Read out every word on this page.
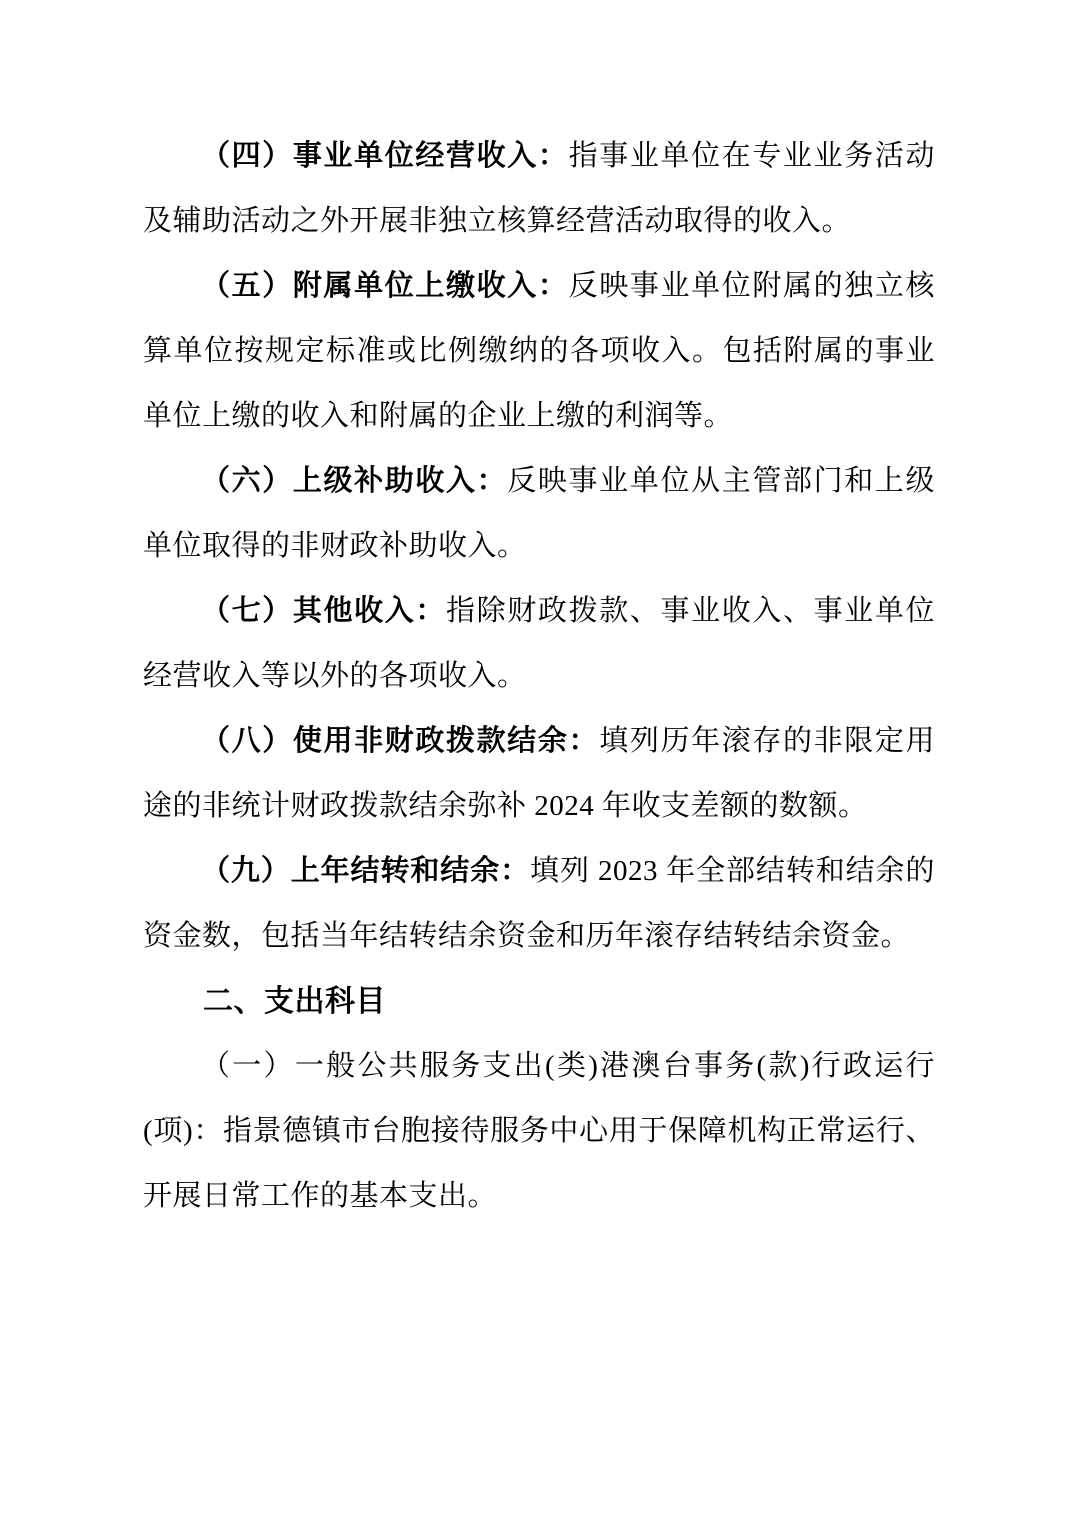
（四）事业单位经营收入：指事业单位在专业业务活动及辅助活动之外开展非独立核算经营活动取得的收入。

（五）附属单位上缴收入：反映事业单位附属的独立核算单位按规定标准或比例缴纳的各项收入。包括附属的事业单位上缴的收入和附属的企业上缴的利润等。

（六）上级补助收入：反映事业单位从主管部门和上级单位取得的非财政补助收入。

（七）其他收入：指除财政拨款、事业收入、事业单位经营收入等以外的各项收入。

（八）使用非财政拨款结余：填列历年滚存的非限定用途的非统计财政拨款结余弥补 2024 年收支差额的数额。

（九）上年结转和结余：填列 2023 年全部结转和结余的资金数，包括当年结转结余资金和历年滚存结转结余资金。

二、支出科目

（一）一般公共服务支出(类)港澳台事务(款)行政运行(项)：指景德镇市台胞接待服务中心用于保障机构正常运行、开展日常工作的基本支出。
